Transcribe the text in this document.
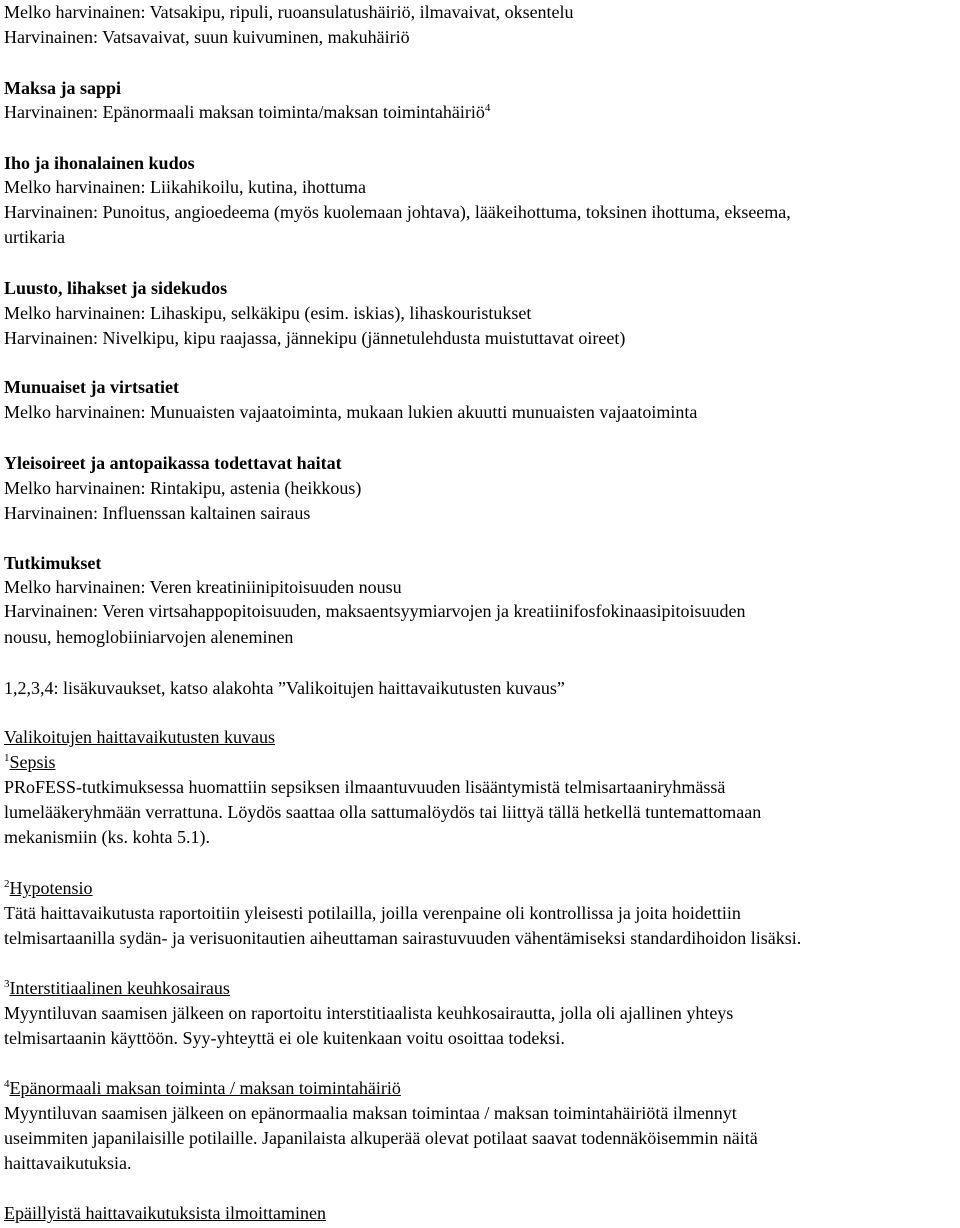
Melko harvinainen: Vatsakipu, ripuli, ruoansulatushäiriö, ilmavaivat, oksentelu
Harvinainen: Vatsavaivat, suun kuivuminen, makuhäiriö
Maksa ja sappi
Harvinainen: Epänormaali maksan toiminta/maksan toimintahäiriö$^4$
Iho ja ihonalainen kudos
Melko harvinainen: Liikahikoilu, kutina, ihottuma
Harvinainen: Punoitus, angioedeema (myös kuolemaan johtava), lääkeihottuma, toksinen ihottuma, ekseema,
urtikaria
Luusto, lihakset ja sidekudos
Melko harvinainen: Lihaskipu, selkäkipu (esim. iskias), lihaskouristukset
Harvinainen: Nivelkipu, kipu raajassa, jännekipu (jännetulehdusta muistuttavat oireet)
Munuaiset ja virtsatiet
Melko harvinainen: Munuaisten vajaatoiminta, mukaan lukien akuutti munuaisten vajaatoiminta
Yleisoireet ja antopaikassa todettavat haitat
Melko harvinainen: Rintakipu, astenia (heikkous)
Harvinainen: Influenssan kaltainen sairaus
Tutkimukset
Melko harvinainen: Veren kreatiniinipitoisuuden nousu
Harvinainen: Veren virtsahappopitoisuuden, maksaentsyymiarvojen ja kreatiinifosfokinaasipitoisuuden
nousu, hemoglobiiniarvojen aleneminen
1,2,3,4: lisäkuvaukset, katso alakohta ”Valikoitujen haittavaikutusten kuvaus”
Valikoitujen haittavaikutusten kuvaus
$^1$Sepsis
PRoFESS-tutkimuksessa huomattiin sepsiksen ilmaantuvuuden lisääntymistä telmisartaaniryhmässä
lumelääkeryhmään verrattuna. Löydös saattaa olla sattumalöydös tai liittyä tällä hetkellä tuntemattomaan
mekanismiin (ks. kohta 5.1).
$^2$Hypotensio
Tätä haittavaikutusta raportoitiin yleisesti potilailla, joilla verenpaine oli kontrollissa ja joita hoidettiin
telmisartaanilla sydän- ja verisuonitautien aiheuttaman sairastuvuuden vähentämiseksi standardihoidon lisäksi.
$^3$Interstitiaalinen keuhkosairaus
Myyntiluvan saamisen jälkeen on raportoitu interstitiaalista keuhkosairautta, jolla oli ajallinen yhteys
telmisartaanin käyttöön. Syy-yhteyttä ei ole kuitenkaan voitu osoittaa todeksi.
$^4$Epänormaali maksan toiminta / maksan toimintahäiriö
Myyntiluvan saamisen jälkeen on epänormaalia maksan toimintaa / maksan toimintahäiriötä ilmennyt
useimmiten japanilaisille potilaille. Japanilaista alkuperää olevat potilaat saavat todennäköisemmin näitä
haittavaikutuksia.
Epäillyistä haittavaikutuksista ilmoittaminen
